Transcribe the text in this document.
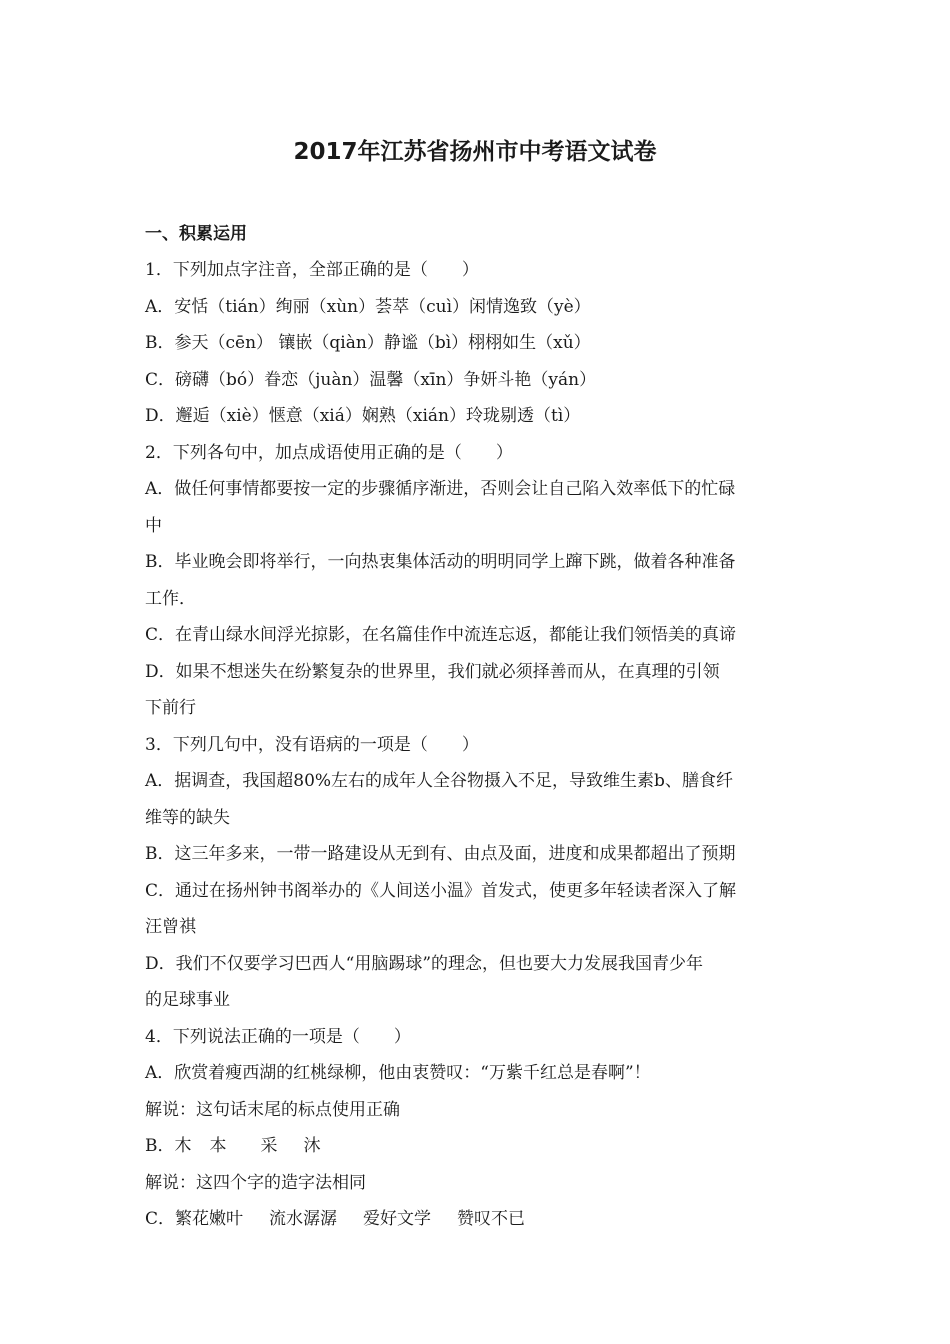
2017年江苏省扬州市中考语文试卷
一、积累运用
1．下列加点字注音，全部正确的是（　　）
A．安恬（tián）绚丽（xùn）荟萃（cuì）闲情逸致（yè）
B．参天（cēn） 镶嵌（qiàn）静谧（bì）栩栩如生（xǔ）
C．磅礴（bó）眷恋（juàn）温馨（xīn）争妍斗艳（yán）
D．邂逅（xiè）惬意（xiá）娴熟（xián）玲珑剔透（tì）
2．下列各句中，加点成语使用正确的是（　　）
A．做任何事情都要按一定的步骤循序渐进，否则会让自己陷入效率低下的忙碌
中
B．毕业晚会即将举行，一向热衷集体活动的明明同学上蹿下跳，做着各种准备
工作．
C．在青山绿水间浮光掠影，在名篇佳作中流连忘返，都能让我们领悟美的真谛
D．如果不想迷失在纷繁复杂的世界里，我们就必须择善而从，在真理的引领
下前行
3．下列几句中，没有语病的一项是（　　）
A．据调查，我国超80%左右的成年人全谷物摄入不足，导致维生素b、膳食纤
维等的缺失
B．这三年多来，一带一路建设从无到有、由点及面，进度和成果都超出了预期
C．通过在扬州钟书阁举办的《人间送小温》首发式，使更多年轻读者深入了解
汪曾祺
D．我们不仅要学习巴西人“用脑踢球”的理念，但也要大力发展我国青少年
的足球事业
4．下列说法正确的一项是（　　）
A．欣赏着瘦西湖的红桃绿柳，他由衷赞叹：“万紫千红总是春啊”！
解说：这句话末尾的标点使用正确
B．木 本 采 沐
解说：这四个字的造字法相同
C．繁花嫩叶 流水潺潺 爱好文学 赞叹不已
